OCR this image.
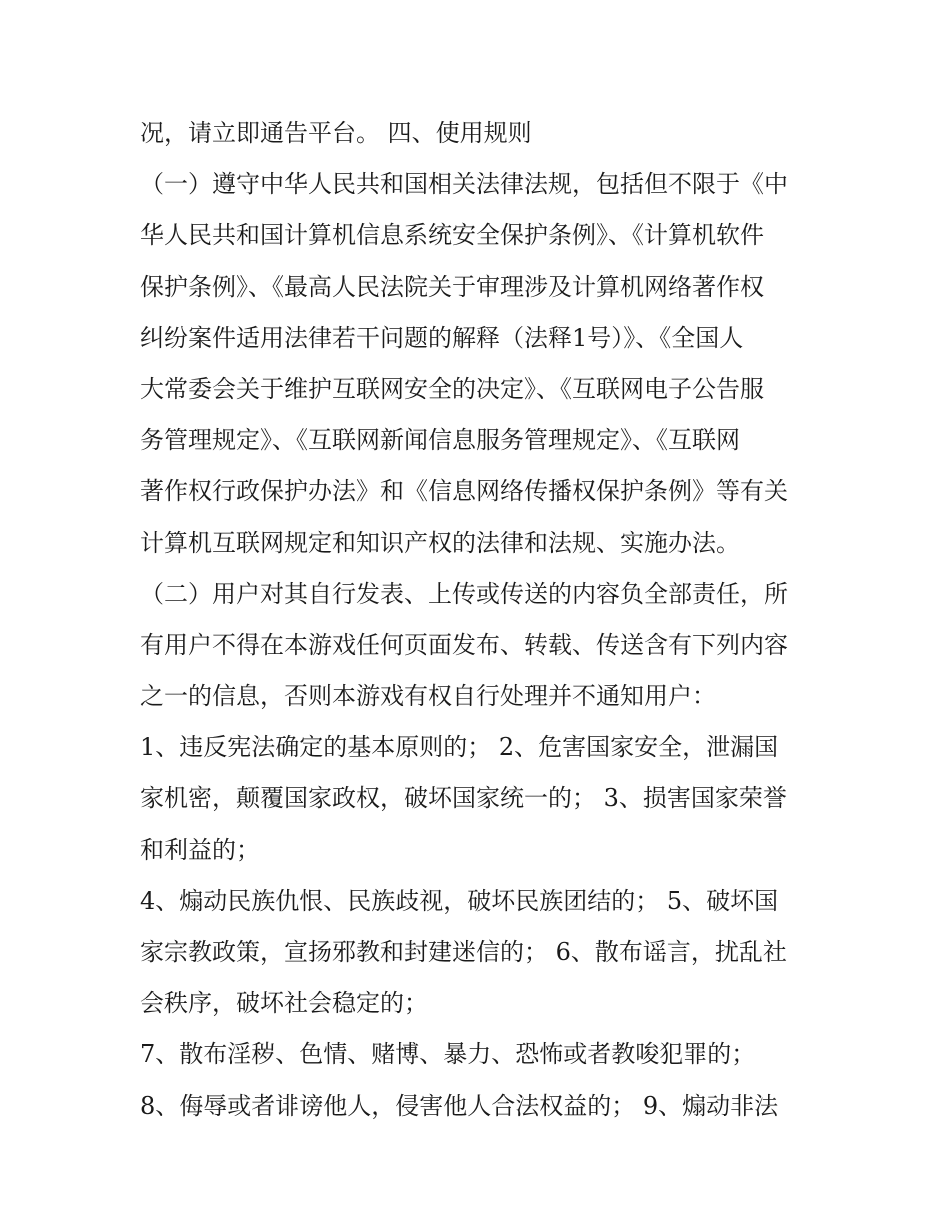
况，请立即通告平台。 四、使用规则
（一）遵守中华人民共和国相关法律法规，包括但不限于《中
华人民共和国计算机信息系统安全保护条例》、《计算机软件
保护条例》、《最高人民法院关于审理涉及计算机网络著作权
纠纷案件适用法律若干问题的解释（法释1号）》、《全国人
大常委会关于维护互联网安全的决定》、《互联网电子公告服
务管理规定》、《互联网新闻信息服务管理规定》、《互联网
著作权行政保护办法》和《信息网络传播权保护条例》等有关
计算机互联网规定和知识产权的法律和法规、实施办法。
（二）用户对其自行发表、上传或传送的内容负全部责任，所
有用户不得在本游戏任何页面发布、转载、传送含有下列内容
之一的信息，否则本游戏有权自行处理并不通知用户：
1、违反宪法确定的基本原则的； 2、危害国家安全，泄漏国
家机密，颠覆国家政权，破坏国家统一的； 3、损害国家荣誉
和利益的；
4、煽动民族仇恨、民族歧视，破坏民族团结的； 5、破坏国
家宗教政策，宣扬邪教和封建迷信的； 6、散布谣言，扰乱社
会秩序，破坏社会稳定的；
7、散布淫秽、色情、赌博、暴力、恐怖或者教唆犯罪的；
8、侮辱或者诽谤他人，侵害他人合法权益的； 9、煽动非法
